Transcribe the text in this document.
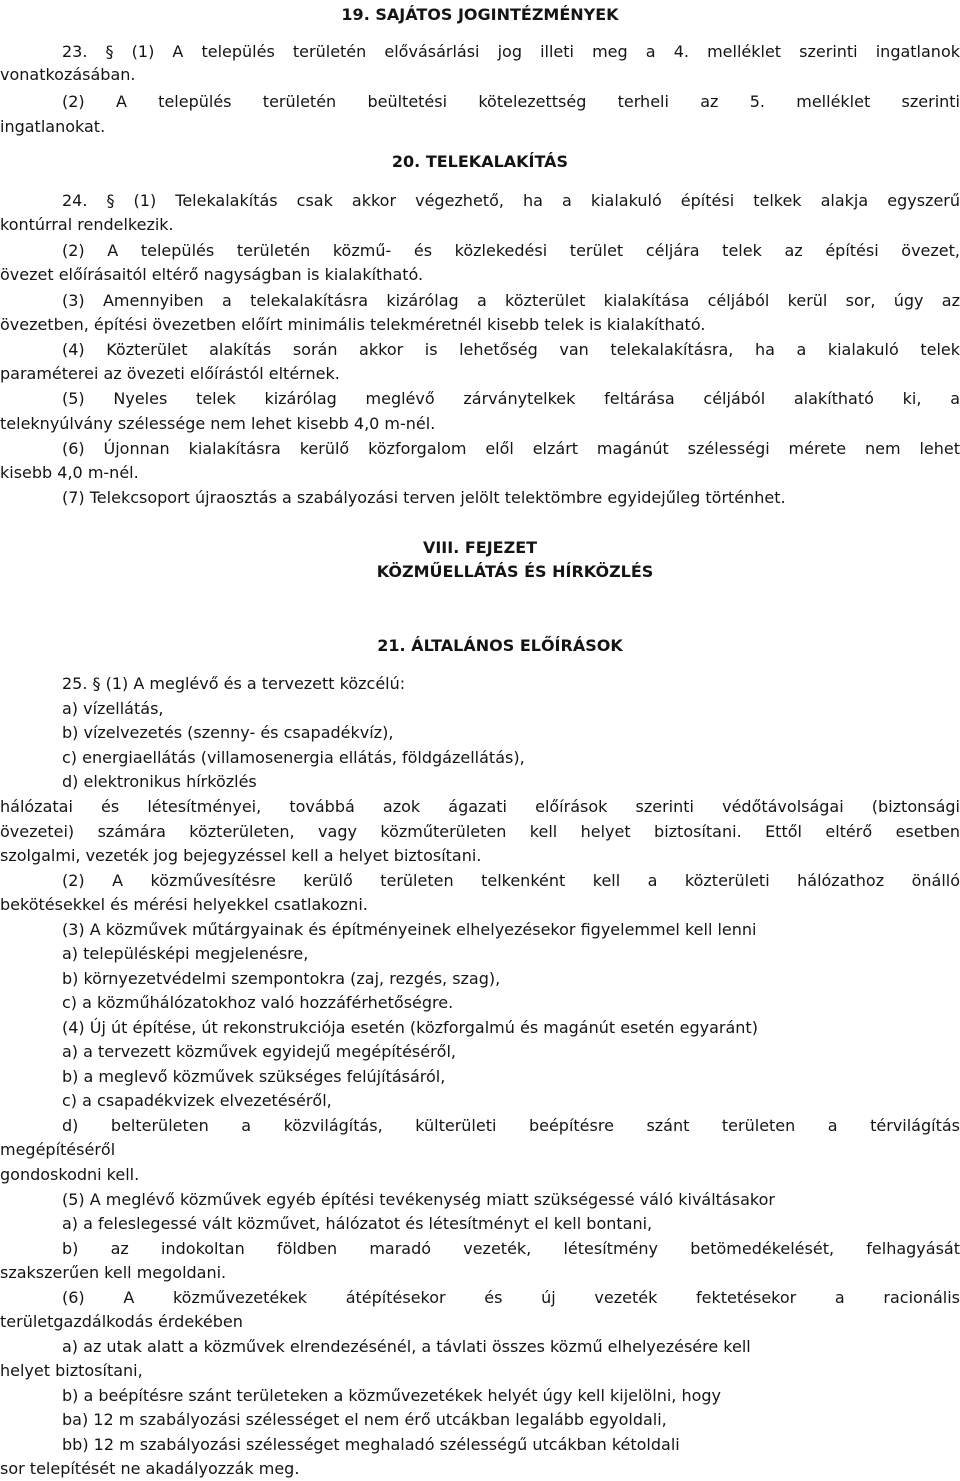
19. SAJÁTOS JOGINTÉZMÉNYEK
23. § (1) A település területén elővásárlási jog illeti meg a 4. melléklet szerinti ingatlanok
vonatkozásában.
(2) A település területén beültetési kötelezettség terheli az 5. melléklet szerinti
ingatlanokat.
20. TELEKALAKÍTÁS
24. § (1) Telekalakítás csak akkor végezhető, ha a kialakuló építési telkek alakja egyszerű
kontúrral rendelkezik.
(2) A település területén közmű- és közlekedési terület céljára telek az építési övezet,
övezet előírásaitól eltérő nagyságban is kialakítható.
(3) Amennyiben a telekalakításra kizárólag a közterület kialakítása céljából kerül sor, úgy az
övezetben, építési övezetben előírt minimális telekméretnél kisebb telek is kialakítható.
(4) Közterület alakítás során akkor is lehetőség van telekalakításra, ha a kialakuló telek
paraméterei az övezeti előírástól eltérnek.
(5) Nyeles telek kizárólag meglévő zárványtelkek feltárása céljából alakítható ki, a
teleknyúlvány szélessége nem lehet kisebb 4,0 m-nél.
(6) Újonnan kialakításra kerülő közforgalom elől elzárt magánút szélességi mérete nem lehet
kisebb 4,0 m-nél.
(7) Telekcsoport újraosztás a szabályozási terven jelölt telektömbre egyidejűleg történhet.
VIII. FEJEZET
KÖZMŰELLÁTÁS ÉS HÍRKÖZLÉS
21. ÁLTALÁNOS ELŐÍRÁSOK
25. § (1) A meglévő és a tervezett közcélú:
a) vízellátás,
b) vízelvezetés (szenny- és csapadékvíz),
c) energiaellátás (villamosenergia ellátás, földgázellátás),
d) elektronikus hírközlés
hálózatai és létesítményei, továbbá azok ágazati előírások szerinti védőtávolságai (biztonsági
övezetei) számára közterületen, vagy közműterületen kell helyet biztosítani. Ettől eltérő esetben
szolgalmi, vezeték jog bejegyzéssel kell a helyet biztosítani.
(2) A közművesítésre kerülő területen telkenként kell a közterületi hálózathoz önálló
bekötésekkel és mérési helyekkel csatlakozni.
(3) A közművek műtárgyainak és építményeinek elhelyezésekor figyelemmel kell lenni
a) településképi megjelenésre,
b) környezetvédelmi szempontokra (zaj, rezgés, szag),
c) a közműhálózatokhoz való hozzáférhetőségre.
(4) Új út építése, út rekonstrukciója esetén (közforgalmú és magánút esetén egyaránt)
a) a tervezett közművek egyidejű megépítéséről,
b) a meglevő közművek szükséges felújításáról,
c) a csapadékvizek elvezetéséről,
d) belterületen a közvilágítás, külterületi beépítésre szánt területen a térvilágítás
megépítéséről
gondoskodni kell.
(5) A meglévő közművek egyéb építési tevékenység miatt szükségessé váló kiváltásakor
a) a feleslegessé vált közművet, hálózatot és létesítményt el kell bontani,
b) az indokoltan földben maradó vezeték, létesítmény betömedékelését, felhagyását
szakszerűen kell megoldani.
(6) A közművezetékek átépítésekor és új vezeték fektetésekor a racionális
területgazdálkodás érdekében
a) az utak alatt a közművek elrendezésénél, a távlati összes közmű elhelyezésére kell
helyet biztosítani,
b) a beépítésre szánt területeken a közművezetékek helyét úgy kell kijelölni, hogy
ba) 12 m szabályozási szélességet el nem érő utcákban legalább egyoldali,
bb) 12 m szabályozási szélességet meghaladó szélességű utcákban kétoldali
sor telepítését ne akadályozzák meg.
